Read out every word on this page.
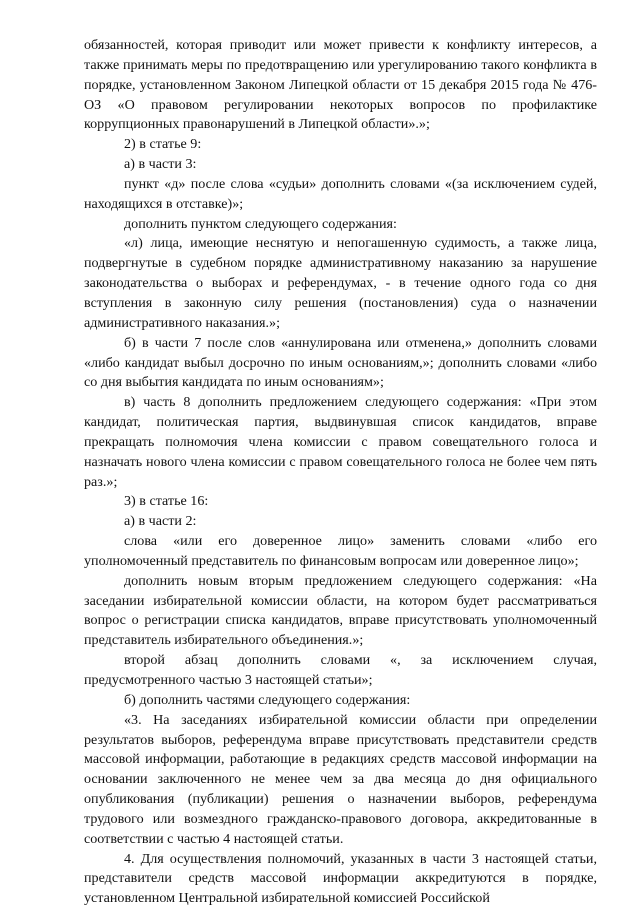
обязанностей, которая приводит или может привести к конфликту интересов, а также принимать меры по предотвращению или урегулированию такого конфликта в порядке, установленном Законом Липецкой области от 15 декабря 2015 года № 476-ОЗ «О правовом регулировании некоторых вопросов по профилактике коррупционных правонарушений в Липецкой области».»;

2) в статье 9:

а) в части 3:

пункт «д» после слова «судьи» дополнить словами «(за исключением судей, находящихся в отставке)»;

дополнить пунктом следующего содержания:

«л) лица, имеющие неснятую и непогашенную судимость, а также лица, подвергнутые в судебном порядке административному наказанию за нарушение законодательства о выборах и референдумах, - в течение одного года со дня вступления в законную силу решения (постановления) суда о назначении административного наказания.»;

б) в части 7 после слов «аннулирована или отменена,» дополнить словами «либо кандидат выбыл досрочно по иным основаниям,»; дополнить словами «либо со дня выбытия кандидата по иным основаниям»;

в) часть 8 дополнить предложением следующего содержания: «При этом кандидат, политическая партия, выдвинувшая список кандидатов, вправе прекращать полномочия члена комиссии с правом совещательного голоса и назначать нового члена комиссии с правом совещательного голоса не более чем пять раз.»;

3) в статье 16:

а) в части 2:

слова «или его доверенное лицо» заменить словами «либо его уполномоченный представитель по финансовым вопросам или доверенное лицо»;

дополнить новым вторым предложением следующего содержания: «На заседании избирательной комиссии области, на котором будет рассматриваться вопрос о регистрации списка кандидатов, вправе присутствовать уполномоченный представитель избирательного объединения.»;

второй абзац дополнить словами «, за исключением случая, предусмотренного частью 3 настоящей статьи»;

б) дополнить частями следующего содержания:

«3. На заседаниях избирательной комиссии области при определении результатов выборов, референдума вправе присутствовать представители средств массовой информации, работающие в редакциях средств массовой информации на основании заключенного не менее чем за два месяца до дня официального опубликования (публикации) решения о назначении выборов, референдума трудового или возмездного гражданско-правового договора, аккредитованные в соответствии с частью 4 настоящей статьи.

4. Для осуществления полномочий, указанных в части 3 настоящей статьи, представители средств массовой информации аккредитуются в порядке, установленном Центральной избирательной комиссией Российской
